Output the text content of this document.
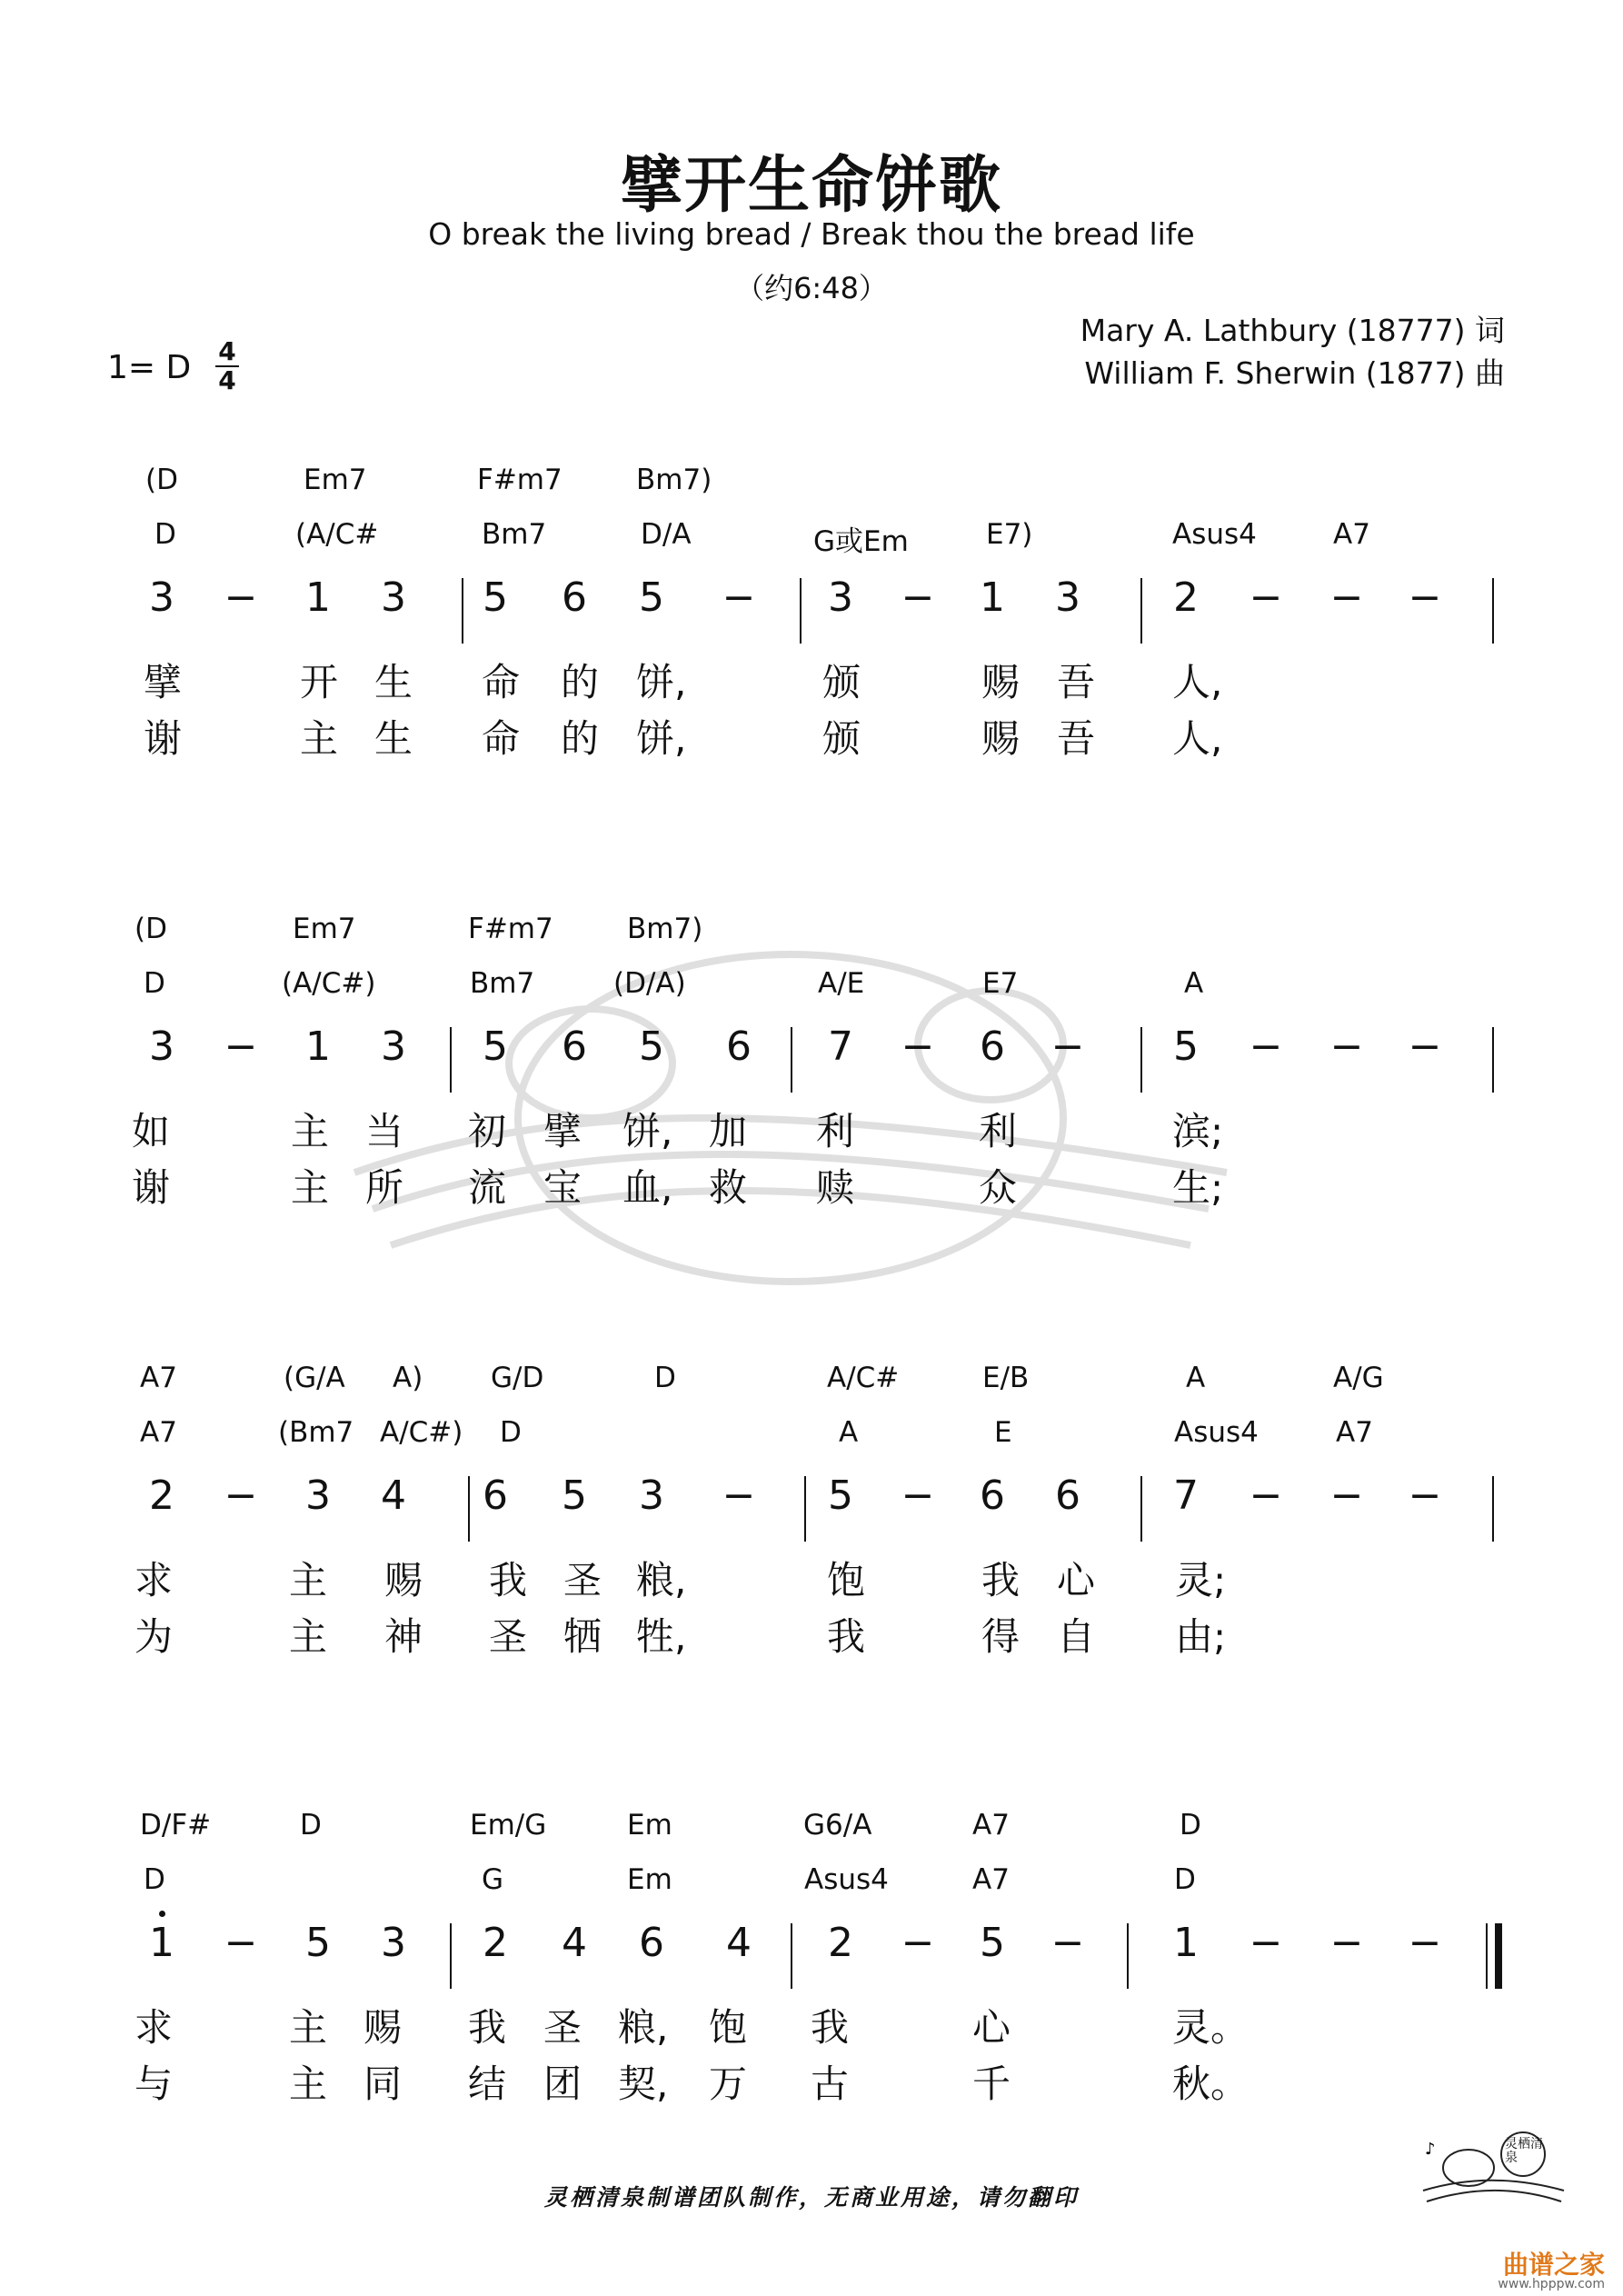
擘开生命饼歌
O break the living bread / Break thou the bread life
（约6:48）
Mary A. Lathbury (18777) 词
William F. Sherwin (1877) 曲
1= D 4
4
(D	Em7	F#m7	Bm7)
D	(A/C#	Bm7	D/A	G或Em	E7)	Asus4	A7
3 − 1 3 5 6 5 − 3 − 1 3 2 − − −
擘	开 生 命 的 饼,	颁	赐 吾 人,
谢	主 生 命 的 饼,	颁	赐 吾 人,
(D	Em7	F#m7	Bm7)
D	(A/C#)	Bm7	(D/A)	A/E	E7	A
3 − 1 3 5 6 5 6 7 − 6 − 5 − − −
如	主 当 初 擘 饼, 加 利	利	滨;
谢	主 所 流 宝 血, 救 赎	众	生;
A7	(G/A A) G/D	D	A/C#	E/B	A	A/G
A7	(Bm7 A/C#) D	A	E	Asus4	A7
2 − 3 4 6 5 3 − 5 − 6 6 7 − − −
求	主 赐 我 圣 粮,	饱	我 心 灵;
为	主 神 圣 牺 牲,	我	得 自 由;
D/F#	D	Em/G	Em	G6/A	A7	D
D	G	Em	Asus4	A7	D
1 − 5 3 2 4 6 4 2 − 5 − 1 − − −
求	主 赐 我 圣 粮, 饱 我	心	灵。
与	主 同 结 团 契, 万 古	千	秋。
灵栖清泉制谱团队制作，无商业用途，请勿翻印
♪	灵栖清泉
曲谱之家
www.hpppw.com
